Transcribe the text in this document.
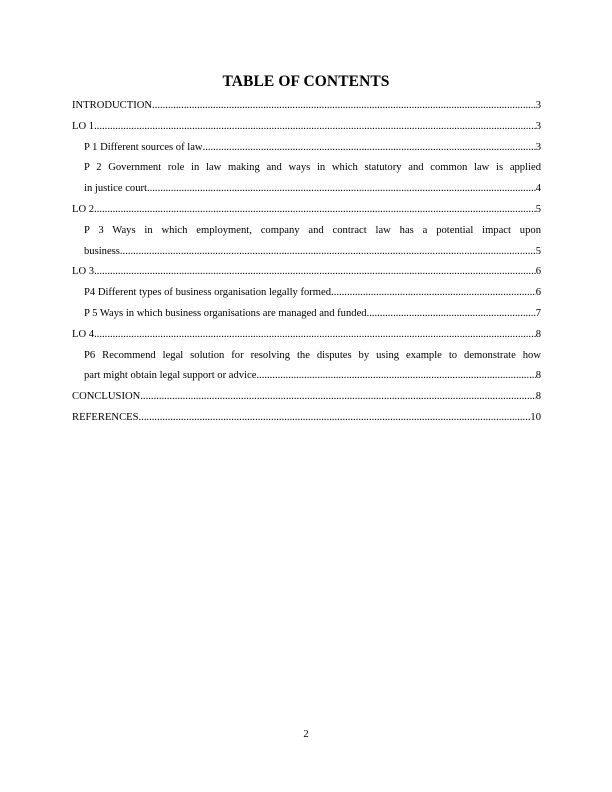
TABLE OF CONTENTS
INTRODUCTION .....	3
LO 1 .....	3
P 1 Different sources of law .....	3
P 2 Government role in law making and ways in which statutory and common law is applied
in justice court .....	4
LO 2 .....	5
P 3 Ways in which employment, company and contract law has a potential impact upon
business .....	5
LO 3 .....	6
P4 Different types of business organisation legally formed .....	6
P 5 Ways in which business organisations are managed and funded .....	7
LO 4 .....	8
P6 Recommend legal solution for resolving the disputes by using example to demonstrate how
part might obtain legal support or advice .....	8
CONCLUSION .....	8
REFERENCES .....	10
2
